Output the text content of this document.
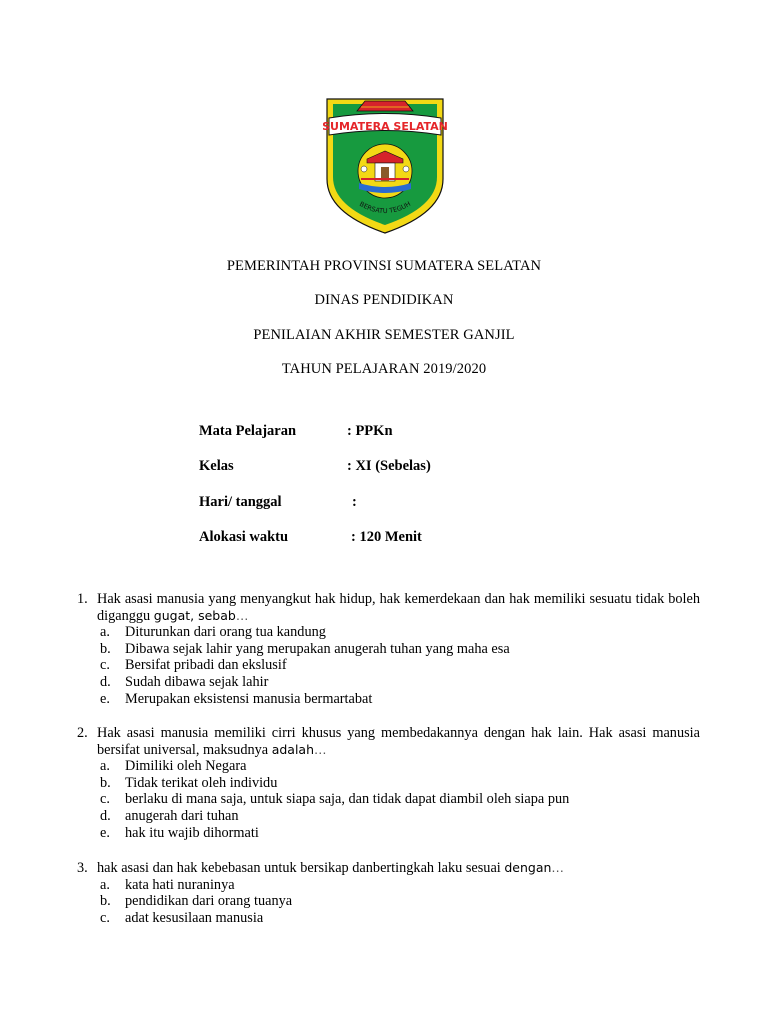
SUMATERA SELATAN
BERSATU TEGUH
PEMERINTAH PROVINSI SUMATERA SELATAN
DINAS PENDIDIKAN
PENILAIAN AKHIR SEMESTER GANJIL
TAHUN PELAJARAN 2019/2020
Mata Pelajaran	: PPKn
Kelas	: XI (Sebelas)
Hari/ tanggal	:
Alokasi waktu	: 120 Menit
1. Hak asasi manusia yang menyangkut hak hidup, hak kemerdekaan dan hak memiliki sesuatu tidak boleh diganggu gugat, sebab…
a. Diturunkan dari orang tua kandung
b. Dibawa sejak lahir yang merupakan anugerah tuhan yang maha esa
c. Bersifat pribadi dan ekslusif
d. Sudah dibawa sejak lahir
e. Merupakan eksistensi manusia bermartabat
2. Hak asasi manusia memiliki cirri khusus yang membedakannya dengan hak lain. Hak asasi manusia bersifat universal, maksudnya adalah…
a. Dimiliki oleh Negara
b. Tidak terikat oleh individu
c. berlaku di mana saja, untuk siapa saja, dan tidak dapat diambil oleh siapa pun
d. anugerah dari tuhan
e. hak itu wajib dihormati
3. hak asasi dan hak kebebasan untuk bersikap danbertingkah laku sesuai dengan…
a. kata hati nuraninya
b. pendidikan dari orang tuanya
c. adat kesusilaan manusia
